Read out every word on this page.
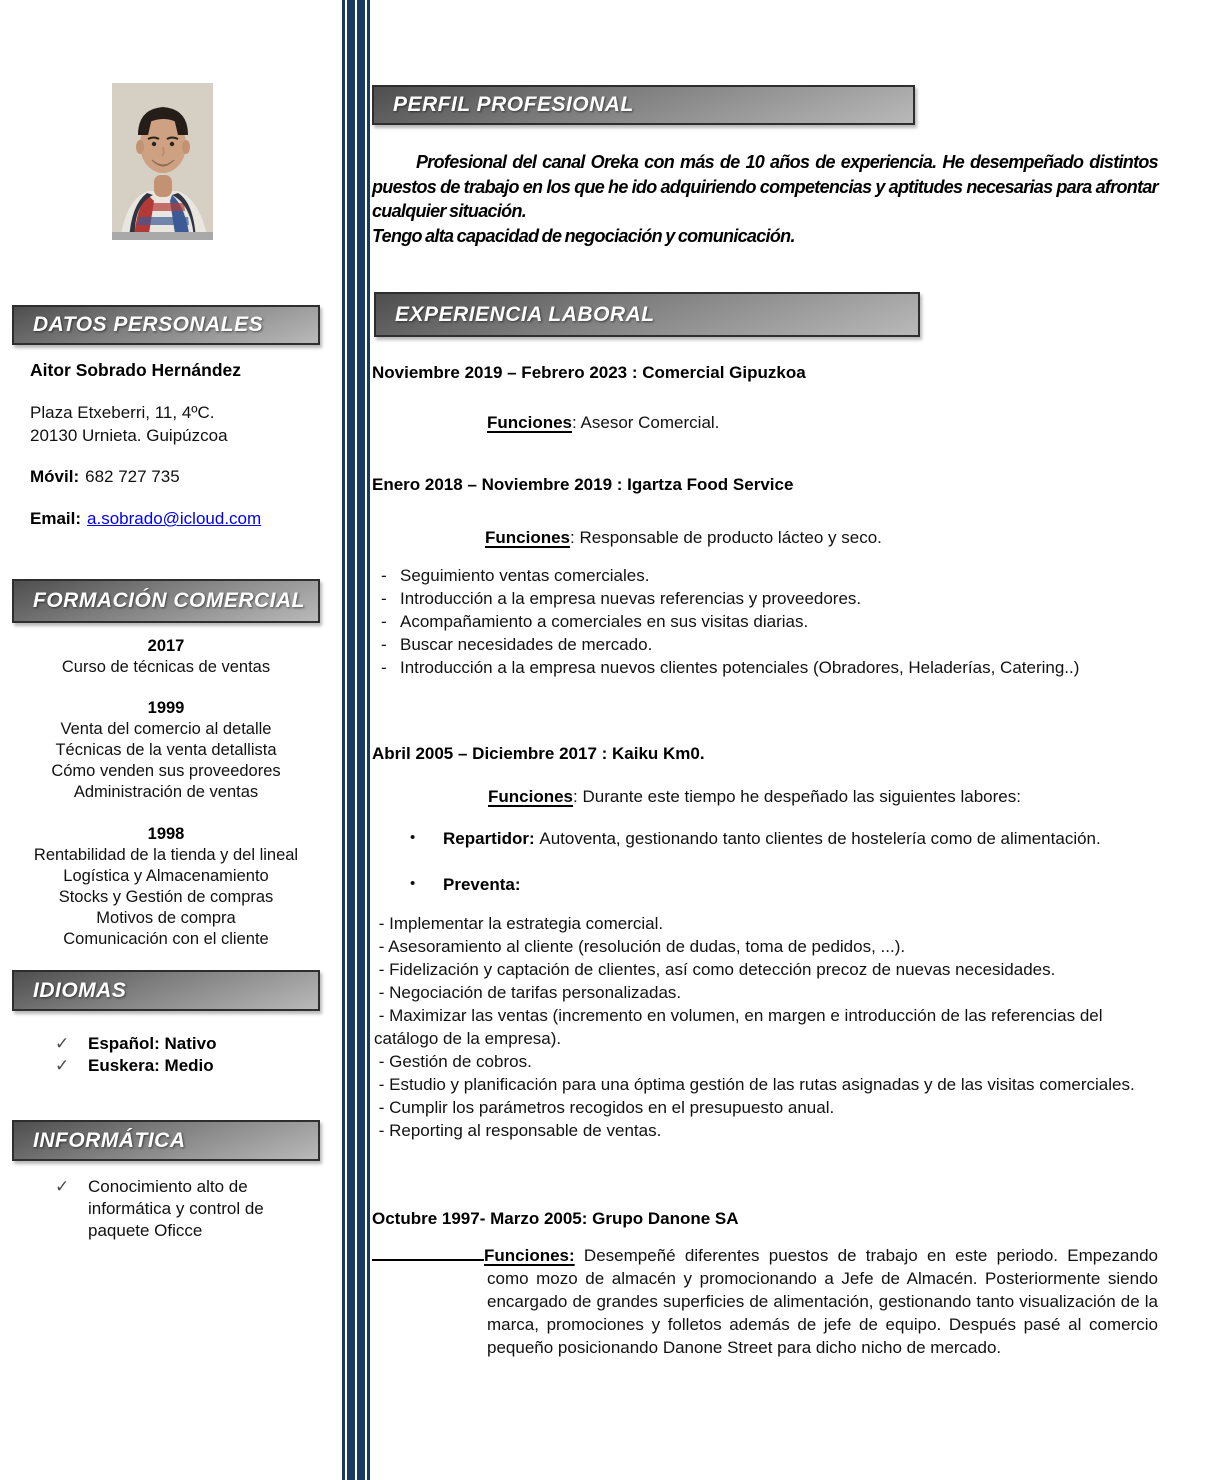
DATOS PERSONALES
Aitor Sobrado Hernández
Plaza Etxeberri, 11, 4ºC.
20130 Urnieta. Guipúzcoa
Móvil: 682 727 735
Email: a.sobrado@icloud.com
FORMACIÓN COMERCIAL
2017
Curso de técnicas de ventas
1999
Venta del comercio al detalle
Técnicas de la venta detallista
Cómo venden sus proveedores
Administración de ventas
1998
Rentabilidad de la tienda y del lineal
Logística y Almacenamiento
Stocks y Gestión de compras
Motivos de compra
Comunicación con el cliente
IDIOMAS
✓	Español: Nativo
✓	Euskera: Medio
INFORMÁTICA
✓	Conocimiento alto de informática y control de paquete Oficce
PERFIL PROFESIONAL

Profesional del canal Oreka con más de 10 años de experiencia. He desempeñado distintos puestos de trabajo en los que he ido adquiriendo competencias y aptitudes necesarias para afrontar cualquier situación.

Tengo alta capacidad de negociación y comunicación.

EXPERIENCIA LABORAL
Noviembre 2019 – Febrero 2023 : Comercial Gipuzkoa
Funciones: Asesor Comercial.
Enero 2018 – Noviembre 2019 : Igartza Food Service
Funciones: Responsable de producto lácteo y seco.
- Seguimiento ventas comerciales.
- Introducción a la empresa nuevas referencias y proveedores.
- Acompañamiento a comerciales en sus visitas diarias.
- Buscar necesidades de mercado.
- Introducción a la empresa nuevos clientes potenciales (Obradores, Heladerías, Catering..)
Abril 2005 – Diciembre 2017 : Kaiku Km0.
Funciones: Durante este tiempo he despeñado las siguientes labores:
•	Repartidor: Autoventa, gestionando tanto clientes de hostelería como de alimentación.
•	Preventa:
- Implementar la estrategia comercial.
- Asesoramiento al cliente (resolución de dudas, toma de pedidos, ...).
- Fidelización y captación de clientes, así como detección precoz de nuevas necesidades.
- Negociación de tarifas personalizadas.
- Maximizar las ventas (incremento en volumen, en margen e introducción de las referencias del  catálogo de la empresa).
- Gestión de cobros.
- Estudio y planificación para una óptima gestión de las rutas asignadas y de las visitas comerciales.
- Cumplir los parámetros recogidos en el presupuesto anual.
- Reporting al responsable de ventas.
Octubre 1997- Marzo 2005: Grupo Danone SA
Funciones: Desempeñé diferentes puestos de trabajo en este periodo. Empezando como mozo de almacén y promocionando a Jefe de Almacén. Posteriormente siendo encargado de grandes superficies de alimentación, gestionando tanto visualización de la marca, promociones y folletos además de jefe de equipo. Después pasé al comercio pequeño posicionando Danone Street para dicho nicho de mercado.
